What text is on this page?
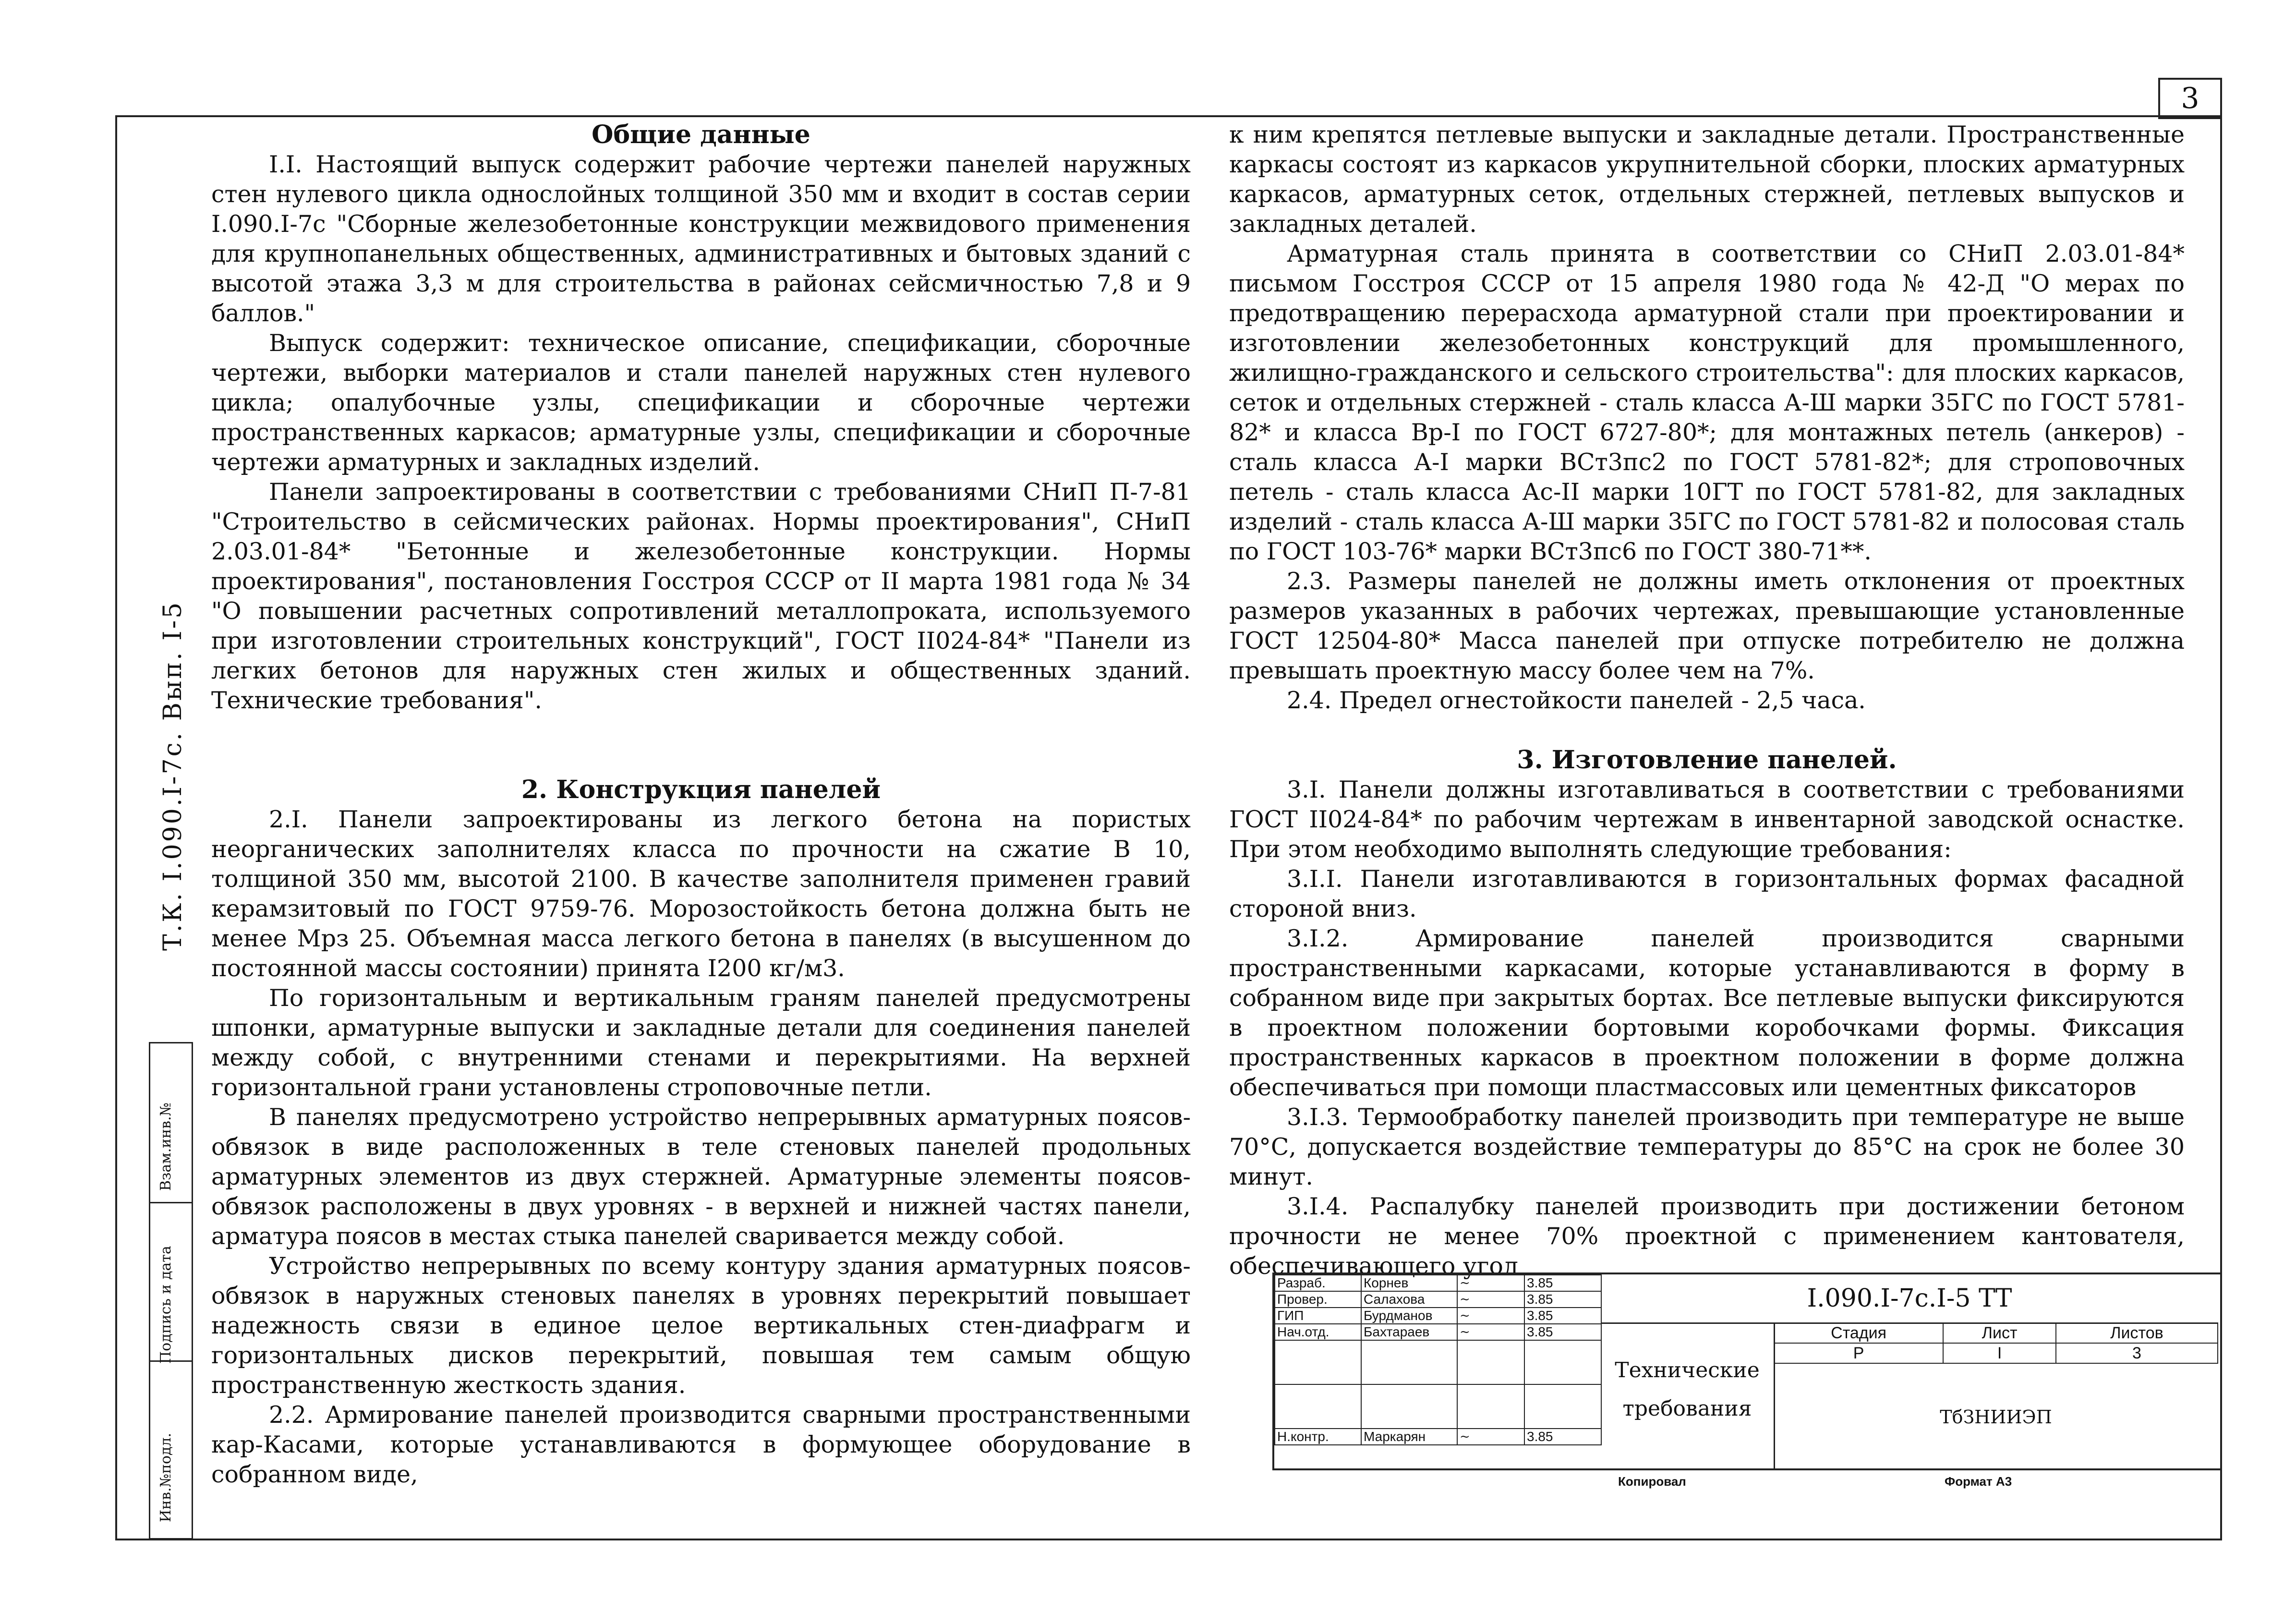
3
Т.К. I.090.I-7с. Вып. I-5
Инв.№подл.
Подпись и дата
Взам.инв.№
Общие данные

I.I. Настоящий выпуск содержит рабочие чертежи панелей наружных стен нулевого цикла однослойных толщиной 350 мм и входит в состав серии I.090.I-7с "Сборные железобетонные конструкции межвидового применения для крупнопанельных общественных, административных и бытовых зданий с высотой этажа 3,3 м для строительства в районах сейсмичностью 7,8 и 9 баллов."

Выпуск содержит: техническое описание, спецификации, сборочные чертежи, выборки материалов и стали панелей наружных стен нулевого цикла; опалубочные узлы, спецификации и сборочные чертежи пространственных каркасов; арматурные узлы, спецификации и сборочные чертежи арматурных и закладных изделий.

Панели запроектированы в соответствии с требованиями СНиП П-7-81 "Строительство в сейсмических районах. Нормы проектирования", СНиП 2.03.01-84* "Бетонные и железобетонные конструкции. Нормы проектирования", постановления Госстроя СССР от II марта 1981 года № 34 "О повышении расчетных сопротивлений металлопроката, используемого при изготовлении строительных конструкций", ГОСТ II024-84* "Панели из легких бетонов для наружных стен жилых и общественных зданий. Технические требования".

2. Конструкция панелей

2.I. Панели запроектированы из легкого бетона на пористых неорганических заполнителях класса по прочности на сжатие В 10, толщиной 350 мм, высотой 2100. В качестве заполнителя применен гравий керамзитовый по ГОСТ 9759-76. Морозостойкость бетона должна быть не менее Мрз 25. Объемная масса легкого бетона в панелях (в высушенном до постоянной массы состоянии) принята I200 кг/м3.

По горизонтальным и вертикальным граням панелей предусмотрены шпонки, арматурные выпуски и закладные детали для соединения панелей между собой, с внутренними стенами и перекрытиями. На верхней горизонтальной грани установлены строповочные петли.

В панелях предусмотрено устройство непрерывных арматурных поясов-обвязок в виде расположенных в теле стеновых панелей продольных арматурных элементов из двух стержней. Арматурные элементы поясов-обвязок расположены в двух уровнях - в верхней и нижней частях панели, арматура поясов в местах стыка панелей сваривается между собой.

Устройство непрерывных по всему контуру здания арматурных поясов-обвязок в наружных стеновых панелях в уровнях перекрытий повышает надежность связи в единое целое вертикальных стен-диафрагм и горизонтальных дисков перекрытий, повышая тем самым общую пространственную жесткость здания.

2.2. Армирование панелей производится сварными пространственными кар-Касами, которые устанавливаются в формующее оборудование в собранном виде,

к ним крепятся петлевые выпуски и закладные детали. Пространственные каркасы состоят из каркасов укрупнительной сборки, плоских арматурных каркасов, арматурных сеток, отдельных стержней, петлевых выпусков и закладных деталей.

Арматурная сталь принята в соответствии со СНиП 2.03.01-84* письмом Госстроя СССР от 15 апреля 1980 года № 42-Д "О мерах по предотвращению перерасхода арматурной стали при проектировании и изготовлении железобетонных конструкций для промышленного, жилищно-гражданского и сельского строительства": для плоских каркасов, сеток и отдельных стержней - сталь класса А-Ш марки 35ГС по ГОСТ 5781-82* и класса Вр-I по ГОСТ 6727-80*; для монтажных петель (анкеров) - сталь класса А-I марки ВСт3пс2 по ГОСТ 5781-82*; для строповочных петель - сталь класса Ас-II марки 10ГТ по ГОСТ 5781-82, для закладных изделий - сталь класса А-Ш марки 35ГС по ГОСТ 5781-82 и полосовая сталь по ГОСТ 103-76* марки ВСт3пс6 по ГОСТ 380-71**.

2.3. Размеры панелей не должны иметь отклонения от проектных размеров указанных в рабочих чертежах, превышающие установленные ГОСТ 12504-80* Масса панелей при отпуске потребителю не должна превышать проектную массу более чем на 7%.

2.4. Предел огнестойкости панелей - 2,5 часа.

3. Изготовление панелей.

3.I. Панели должны изготавливаться в соответствии с требованиями ГОСТ II024-84* по рабочим чертежам в инвентарной заводской оснастке. При этом необходимо выполнять следующие требования:

3.I.I. Панели изготавливаются в горизонтальных формах фасадной стороной вниз.

3.I.2. Армирование панелей производится сварными пространственными каркасами, которые устанавливаются в форму в собранном виде при закрытых бортах. Все петлевые выпуски фиксируются в проектном положении бортовыми коробочками формы. Фиксация пространственных каркасов в проектном положении в форме должна обеспечиваться при помощи пластмассовых или цементных фиксаторов

3.I.3. Термообработку панелей производить при температуре не выше 70°С, допускается воздействие температуры до 85°С на срок не более 30 минут.

3.I.4. Распалубку панелей производить при достижении бетоном прочности не менее 70% проектной с применением кантователя, обеспечивающего угол

Разраб.	Корнев	~	3.85
Провер.	Салахова	~	3.85
ГИП	Бурдманов	~	3.85
Нач.отд.	Бахтараев	~	3.85

Н.контр.	Маркарян	~	3.85
I.090.I-7с.I-5 ТТ
Технические
требования
Стадия	Лист	Листов
Р	I	3
ТбЗНИИЭП
Копировал	Формат А3
